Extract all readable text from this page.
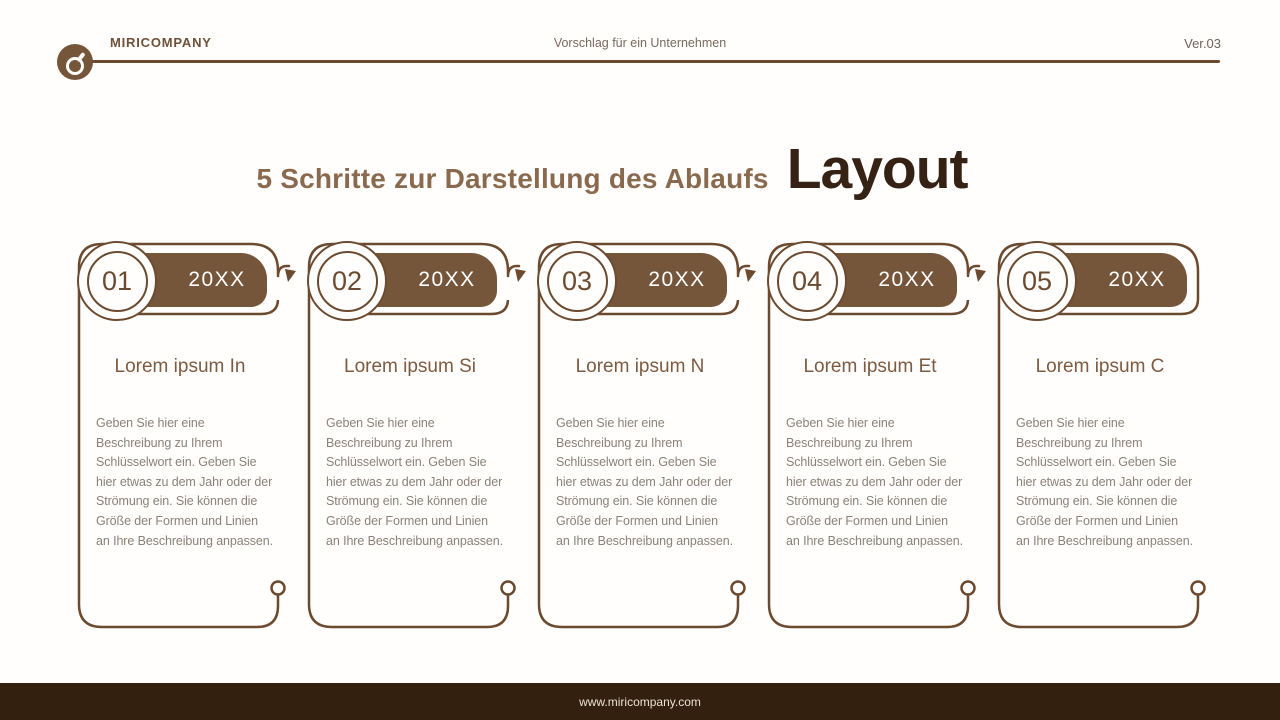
MIRICOMPANY	Vorschlag für ein Unternehmen	Ver.03
5 Schritte zur Darstellung des Ablaufs Layout
20XX
01
Lorem ipsum In

Geben Sie hier eine Beschreibung zu Ihrem Schlüsselwort ein. Geben Sie hier etwas zu dem Jahr oder der Strömung ein. Sie können die Größe der Formen und Linien an Ihre Beschreibung anpassen.

20XX
02
Lorem ipsum Si

Geben Sie hier eine Beschreibung zu Ihrem Schlüsselwort ein. Geben Sie hier etwas zu dem Jahr oder der Strömung ein. Sie können die Größe der Formen und Linien an Ihre Beschreibung anpassen.

20XX
03
Lorem ipsum N

Geben Sie hier eine Beschreibung zu Ihrem Schlüsselwort ein. Geben Sie hier etwas zu dem Jahr oder der Strömung ein. Sie können die Größe der Formen und Linien an Ihre Beschreibung anpassen.

20XX
04
Lorem ipsum Et

Geben Sie hier eine Beschreibung zu Ihrem Schlüsselwort ein. Geben Sie hier etwas zu dem Jahr oder der Strömung ein. Sie können die Größe der Formen und Linien an Ihre Beschreibung anpassen.

20XX
05
Lorem ipsum C

Geben Sie hier eine Beschreibung zu Ihrem Schlüsselwort ein. Geben Sie hier etwas zu dem Jahr oder der Strömung ein. Sie können die Größe der Formen und Linien an Ihre Beschreibung anpassen.

www.miricompany.com
